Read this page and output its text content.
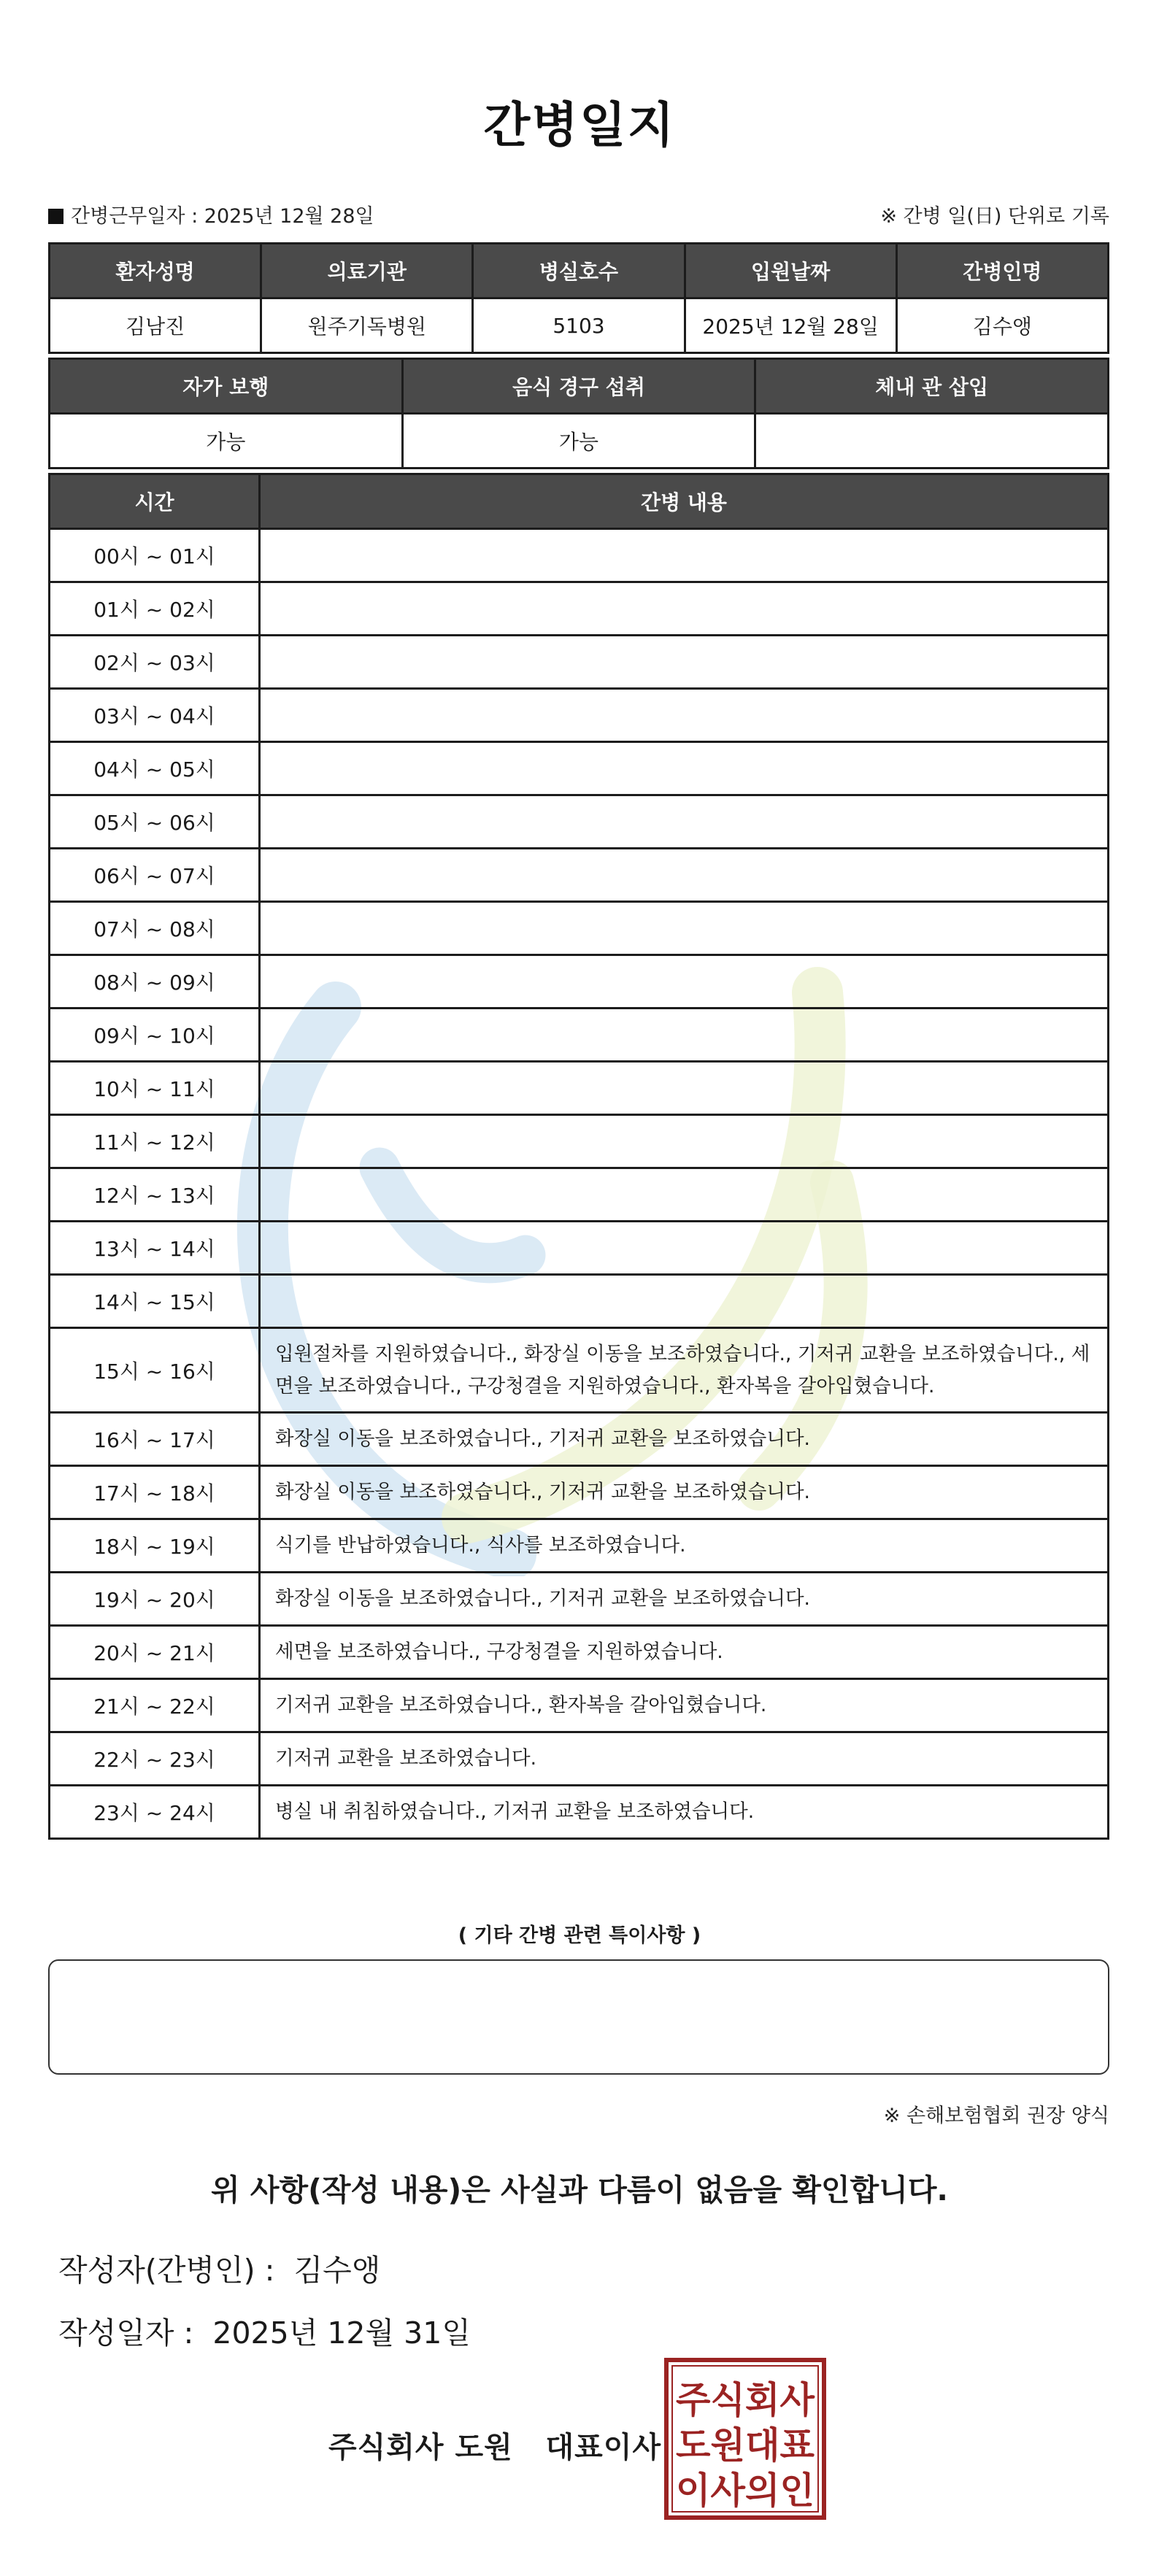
간병일지
간병근무일자 : 2025년 12월 28일	※ 간병 일(日) 단위로 기록
환자성명	의료기관	병실호수	입원날짜	간병인명
김남진	원주기독병원	5103	2025년 12월 28일	김수앵
자가 보행	음식 경구 섭취	체내 관 삽입
가능	가능	
시간	간병 내용
00시 ~ 01시	
01시 ~ 02시	
02시 ~ 03시	
03시 ~ 04시	
04시 ~ 05시	
05시 ~ 06시	
06시 ~ 07시	
07시 ~ 08시	
08시 ~ 09시	
09시 ~ 10시	
10시 ~ 11시	
11시 ~ 12시	
12시 ~ 13시	
13시 ~ 14시	
14시 ~ 15시	
15시 ~ 16시	입원절차를 지원하였습니다., 화장실 이동을 보조하였습니다., 기저귀 교환을 보조하였습니다., 세면을 보조하였습니다., 구강청결을 지원하였습니다., 환자복을 갈아입혔습니다.
16시 ~ 17시	화장실 이동을 보조하였습니다., 기저귀 교환을 보조하였습니다.
17시 ~ 18시	화장실 이동을 보조하였습니다., 기저귀 교환을 보조하였습니다.
18시 ~ 19시	식기를 반납하였습니다., 식사를 보조하였습니다.
19시 ~ 20시	화장실 이동을 보조하였습니다., 기저귀 교환을 보조하였습니다.
20시 ~ 21시	세면을 보조하였습니다., 구강청결을 지원하였습니다.
21시 ~ 22시	기저귀 교환을 보조하였습니다., 환자복을 갈아입혔습니다.
22시 ~ 23시	기저귀 교환을 보조하였습니다.
23시 ~ 24시	병실 내 취침하였습니다., 기저귀 교환을 보조하였습니다.
( 기타 간병 관련 특이사항 )
※ 손해보험협회 권장 양식
위 사항(작성 내용)은 사실과 다름이 없음을 확인합니다.
작성자(간병인) : 김수앵
작성일자 : 2025년 12월 31일
주식회사 도원 대표이사
주식회사
도원대표
이사의인
